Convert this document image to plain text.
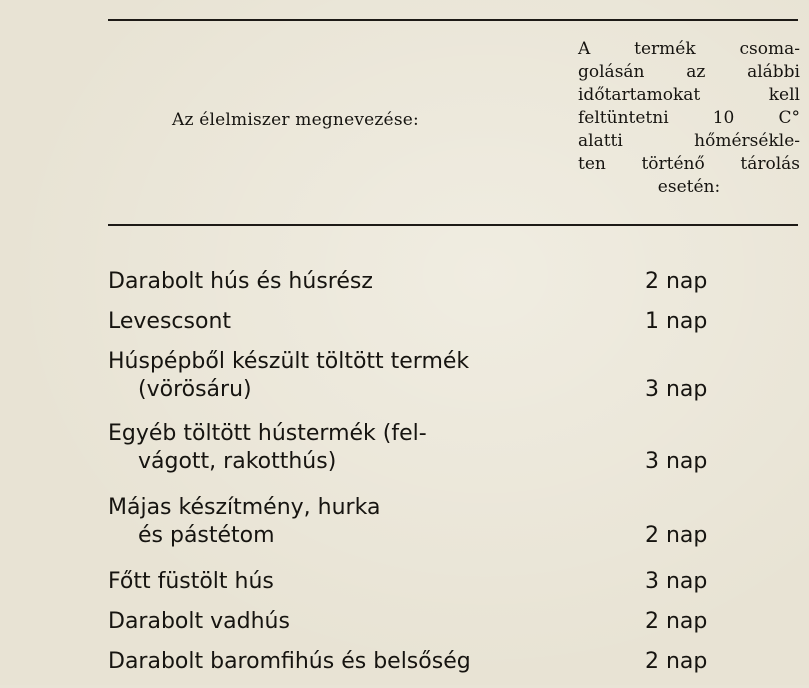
Az élelmiszer megnevezése:
A termék csoma-
golásán az alábbi
időtartamokat kell
feltüntetni 10 C°
alatti hőmérsékle-
ten történő tárolás
esetén:
Darabolt hús és húsrész	2 nap
Levescsont	1 nap
Húspépből készült töltött termék
(vörösáru)	3 nap
Egyéb töltött hústermék (fel-
vágott, rakotthús)	3 nap
Májas készítmény, hurka
és pástétom	2 nap
Főtt füstölt hús	3 nap
Darabolt vadhús	2 nap
Darabolt baromfihús és belsőség	2 nap
